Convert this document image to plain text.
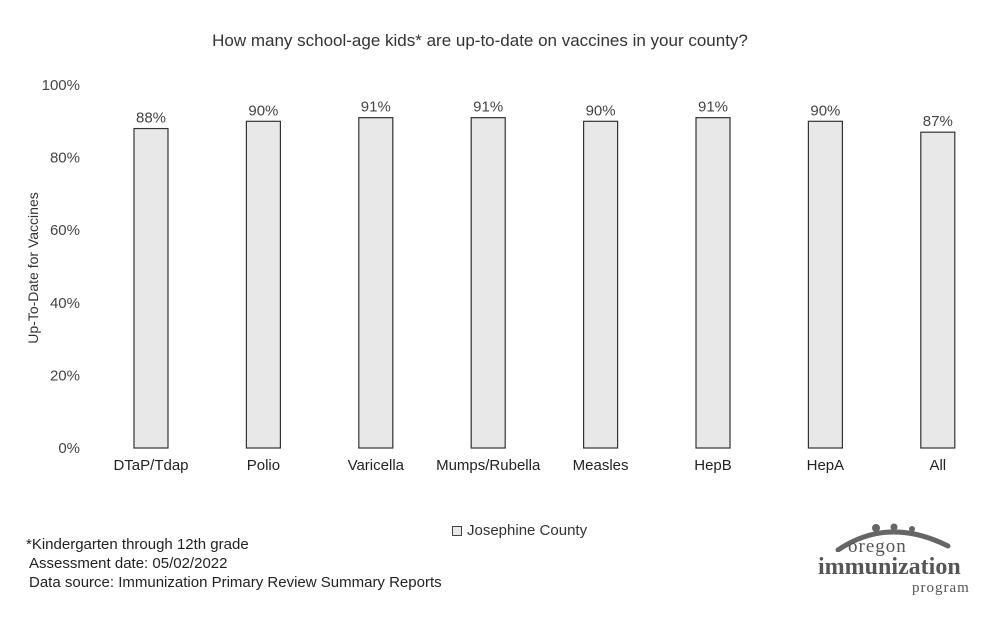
How many school-age kids* are up-to-date on vaccines in your county?
Up-To-Date for Vaccines
0%
20%
40%
60%
80%
100%
88%	90%	91%	91%	90%	91%	90%
87%
DTaP/Tdap	Polio	Varicella Mumps/Rubella Measles	HepB	HepA	All
Josephine County
*Kindergarten through 12th grade
Assessment date: 05/02/2022
Data source: Immunization Primary Review Summary Reports
oregon
immunization
program
